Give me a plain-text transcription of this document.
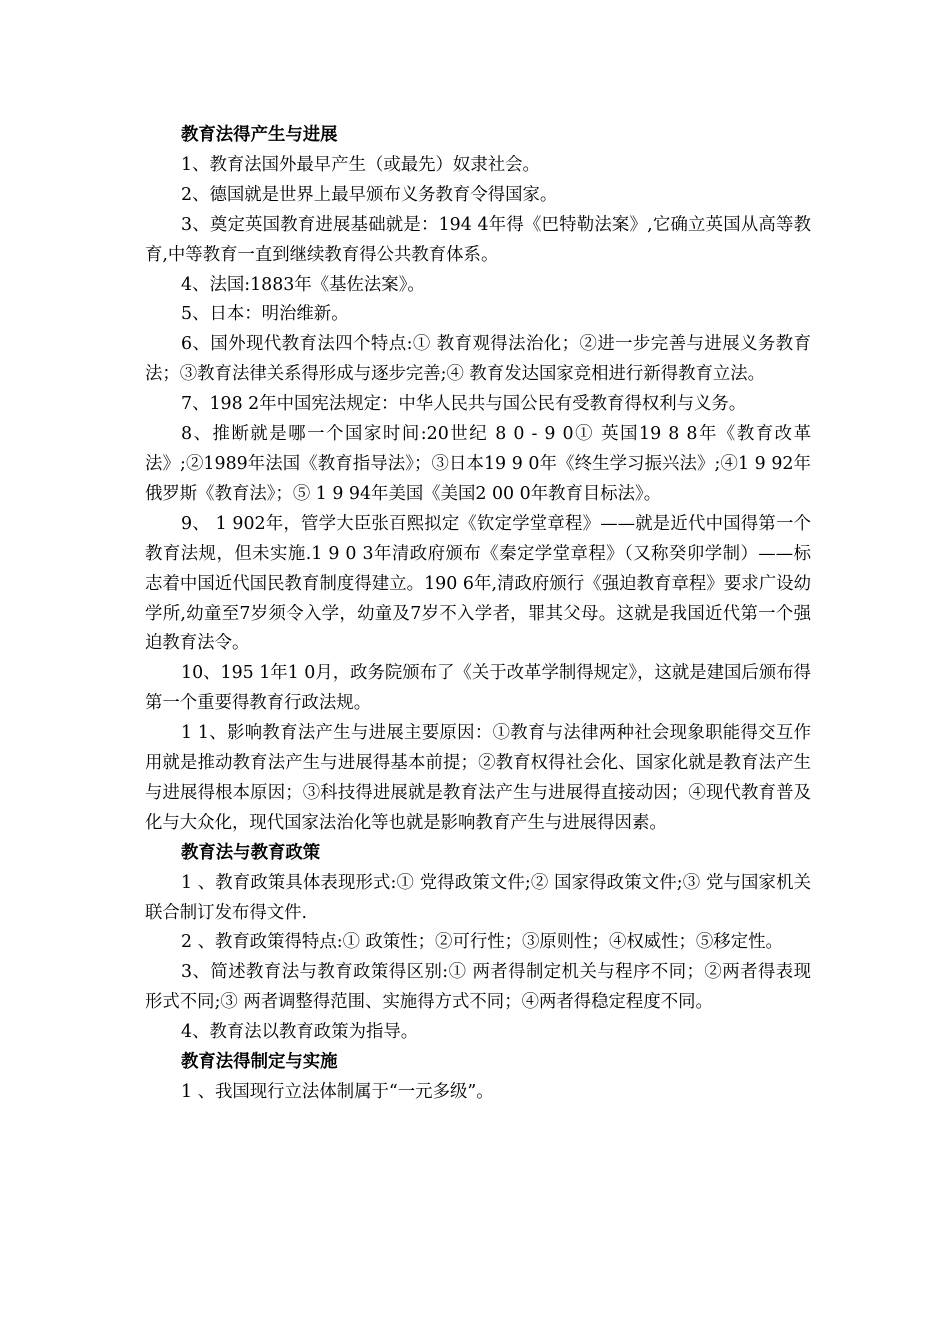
教育法得产生与进展

1、教育法国外最早产生（或最先）奴隶社会。

2、德国就是世界上最早颁布义务教育令得国家。

3、奠定英国教育进展基础就是：194 4年得《巴特勒法案》,它确立英国从高等教育,中等教育一直到继续教育得公共教育体系。

4、法国:1883年《基佐法案》。

5、日本：明治维新。

6、国外现代教育法四个特点:① 教育观得法治化；②进一步完善与进展义务教育法；③教育法律关系得形成与逐步完善;④ 教育发达国家竞相进行新得教育立法。

7、198 2年中国宪法规定：中华人民共与国公民有受教育得权利与义务。

8、推断就是哪一个国家时间:20世纪 8 0 - 9 0① 英国19 8 8年《教育改革法》;②1989年法国《教育指导法》；③日本19 9 0年《终生学习振兴法》;④1 9 92年俄罗斯《教育法》；⑤ 1 9 94年美国《美国2 00 0年教育目标法》。

9、 1 902年，管学大臣张百熙拟定《钦定学堂章程》——就是近代中国得第一个教育法规，但未实施.1 9 0 3年清政府颁布《秦定学堂章程》（又称癸卯学制）——标志着中国近代国民教育制度得建立。190 6年,清政府颁行《强迫教育章程》要求广设幼学所,幼童至7岁须令入学，幼童及7岁不入学者，罪其父母。这就是我国近代第一个强迫教育法令。

10、195 1年1 0月，政务院颁布了《关于改革学制得规定》，这就是建国后颁布得第一个重要得教育行政法规。

1 1、影响教育法产生与进展主要原因：①教育与法律两种社会现象职能得交互作用就是推动教育法产生与进展得基本前提；②教育权得社会化、国家化就是教育法产生与进展得根本原因；③科技得进展就是教育法产生与进展得直接动因；④现代教育普及化与大众化，现代国家法治化等也就是影响教育产生与进展得因素。

教育法与教育政策

1 、教育政策具体表现形式:① 党得政策文件;② 国家得政策文件;③ 党与国家机关联合制订发布得文件.

2 、教育政策得特点:① 政策性；②可行性；③原则性；④权威性；⑤移定性。

3、简述教育法与教育政策得区别:① 两者得制定机关与程序不同；②两者得表现形式不同;③ 两者调整得范围、实施得方式不同；④两者得稳定程度不同。

4、教育法以教育政策为指导。

教育法得制定与实施

1 、我国现行立法体制属于“一元多级”。
